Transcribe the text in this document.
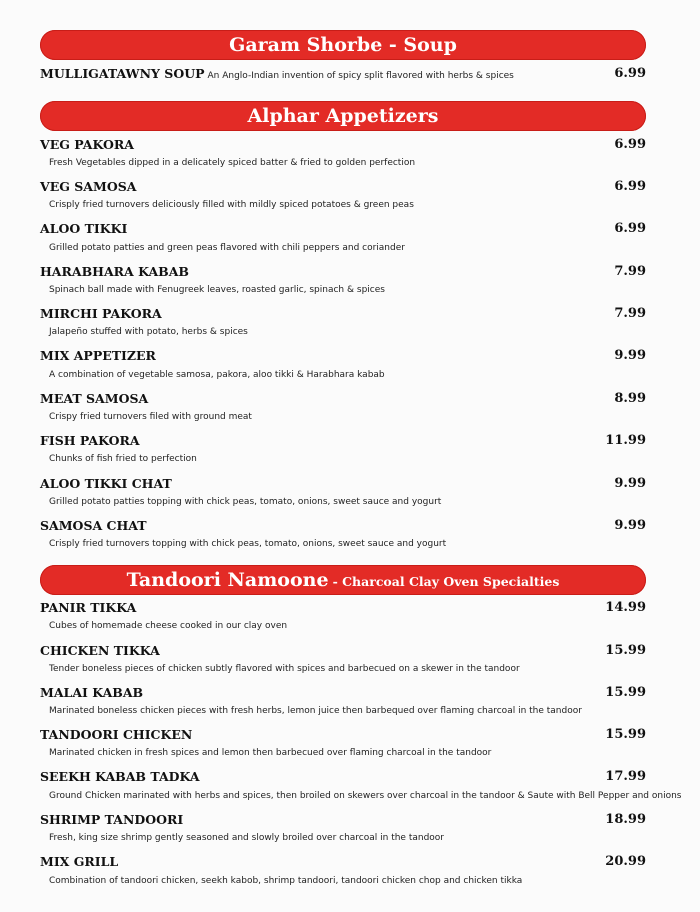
Garam Shorbe - Soup
MULLIGATAWNY SOUP An Anglo-Indian invention of spicy split flavored with herbs & spices	6.99
Alphar Appetizers
VEG PAKORA	6.99
Fresh Vegetables dipped in a delicately spiced batter & fried to golden perfection
VEG SAMOSA	6.99
Crisply fried turnovers deliciously filled with mildly spiced potatoes & green peas
ALOO TIKKI	6.99
Grilled potato patties and green peas flavored with chili peppers and coriander
HARABHARA KABAB	7.99
Spinach ball made with Fenugreek leaves, roasted garlic, spinach & spices
MIRCHI PAKORA	7.99
Jalapeño stuffed with potato, herbs & spices
MIX APPETIZER	9.99
A combination of vegetable samosa, pakora, aloo tikki & Harabhara kabab
MEAT SAMOSA	8.99
Crispy fried turnovers filed with ground meat
FISH PAKORA	11.99
Chunks of fish fried to perfection
ALOO TIKKI CHAT	9.99
Grilled potato patties topping with chick peas, tomato, onions, sweet sauce and yogurt
SAMOSA CHAT	9.99
Crisply fried turnovers topping with chick peas, tomato, onions, sweet sauce and yogurt
Tandoori Namoone - Charcoal Clay Oven Specialties
PANIR TIKKA	14.99
Cubes of homemade cheese cooked in our clay oven
CHICKEN TIKKA	15.99
Tender boneless pieces of chicken subtly flavored with spices and barbecued on a skewer in the tandoor
MALAI KABAB	15.99
Marinated boneless chicken pieces with fresh herbs, lemon juice then barbequed over flaming charcoal in the tandoor
TANDOORI CHICKEN	15.99
Marinated chicken in fresh spices and lemon then barbecued over flaming charcoal in the tandoor
SEEKH KABAB TADKA	17.99
Ground Chicken marinated with herbs and spices, then broiled on skewers over charcoal in the tandoor & Saute with Bell Pepper and onions
SHRIMP TANDOORI	18.99
Fresh, king size shrimp gently seasoned and slowly broiled over charcoal in the tandoor
MIX GRILL	20.99
Combination of tandoori chicken, seekh kabob, shrimp tandoori, tandoori chicken chop and chicken tikka
